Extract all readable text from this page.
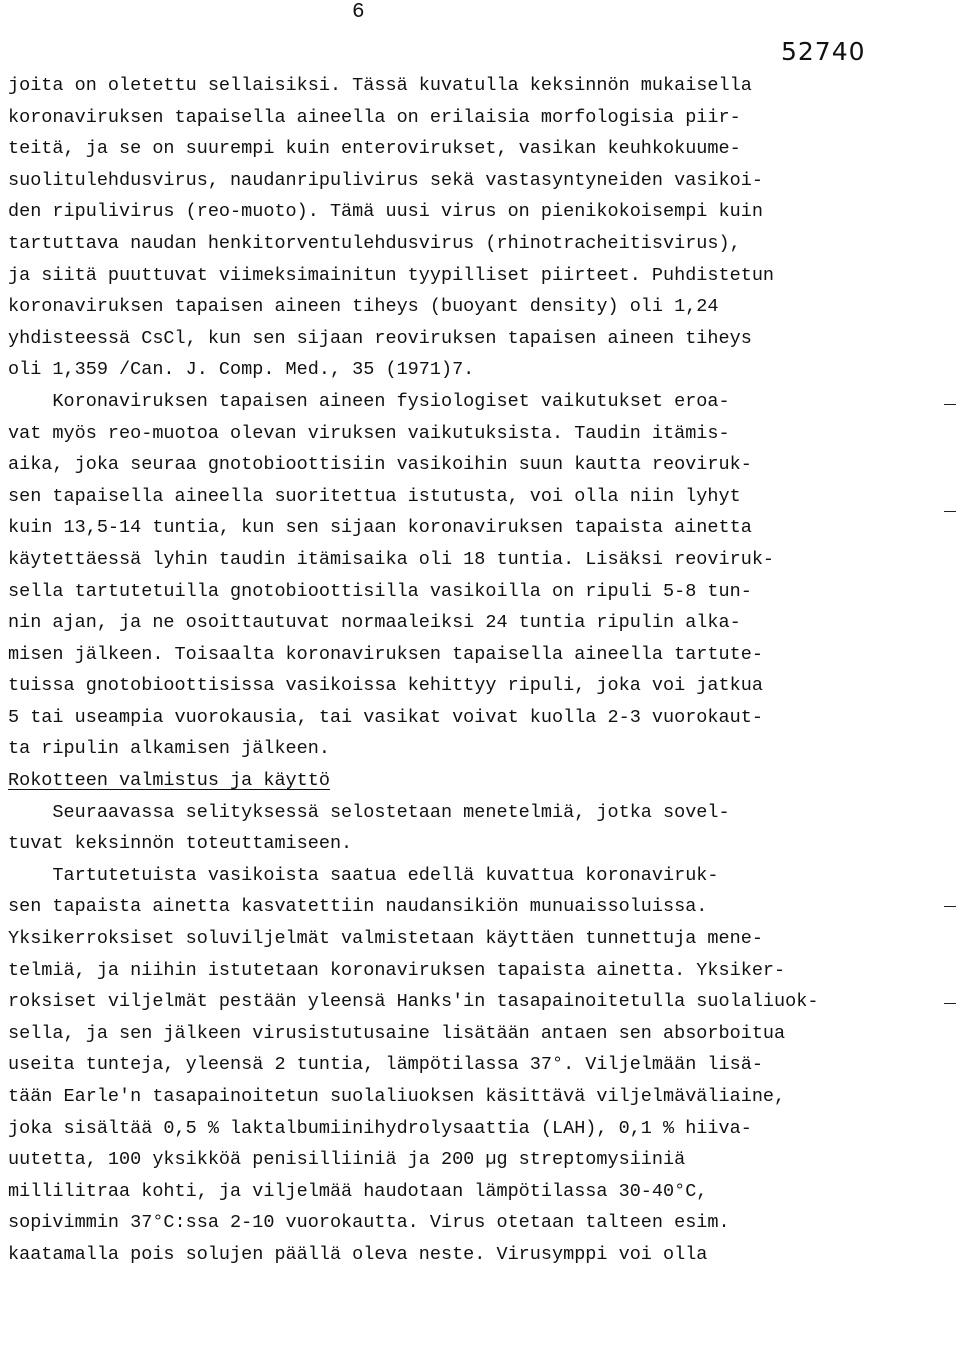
6
52740
joita on oletettu sellaisiksi. Tässä kuvatulla keksinnön mukaisella
koronaviruksen tapaisella aineella on erilaisia morfologisia piir-
teitä, ja se on suurempi kuin enterovirukset, vasikan keuhkokuume-
suolitulehdusvirus, naudanripulivirus sekä vastasyntyneiden vasikoi-
den ripulivirus (reo-muoto). Tämä uusi virus on pienikokoisempi kuin
tartuttava naudan henkitorventulehdusvirus (rhinotracheitisvirus),
ja siitä puuttuvat viimeksimainitun tyypilliset piirteet. Puhdistetun
koronaviruksen tapaisen aineen tiheys (buoyant density) oli 1,24
yhdisteessä CsCl, kun sen sijaan reoviruksen tapaisen aineen tiheys
oli 1,359 /Can. J. Comp. Med., 35 (1971)7.
Koronaviruksen tapaisen aineen fysiologiset vaikutukset eroa-
vat myös reo-muotoa olevan viruksen vaikutuksista. Taudin itämis-
aika, joka seuraa gnotobioottisiin vasikoihin suun kautta reoviruk-
sen tapaisella aineella suoritettua istutusta, voi olla niin lyhyt
kuin 13,5-14 tuntia, kun sen sijaan koronaviruksen tapaista ainetta
käytettäessä lyhin taudin itämisaika oli 18 tuntia. Lisäksi reoviruk-
sella tartutetuilla gnotobioottisilla vasikoilla on ripuli 5-8 tun-
nin ajan, ja ne osoittautuvat normaaleiksi 24 tuntia ripulin alka-
misen jälkeen. Toisaalta koronaviruksen tapaisella aineella tartute-
tuissa gnotobioottisissa vasikoissa kehittyy ripuli, joka voi jatkua
5 tai useampia vuorokausia, tai vasikat voivat kuolla 2-3 vuorokaut-
ta ripulin alkamisen jälkeen.
Rokotteen valmistus ja käyttö
Seuraavassa selityksessä selostetaan menetelmiä, jotka sovel-
tuvat keksinnön toteuttamiseen.
Tartutetuista vasikoista saatua edellä kuvattua koronaviruk-
sen tapaista ainetta kasvatettiin naudansikiön munuaissoluissa.
Yksikerroksiset soluviljelmät valmistetaan käyttäen tunnettuja mene-
telmiä, ja niihin istutetaan koronaviruksen tapaista ainetta. Yksiker-
roksiset viljelmät pestään yleensä Hanks'in tasapainoitetulla suolaliuok-
sella, ja sen jälkeen virusistutusaine lisätään antaen sen absorboitua
useita tunteja, yleensä 2 tuntia, lämpötilassa 37°. Viljelmään lisä-
tään Earle'n tasapainoitetun suolaliuoksen käsittävä viljelmäväliaine,
joka sisältää 0,5 % laktalbumiinihydrolysaattia (LAH), 0,1 % hiiva-
uutetta, 100 yksikköä penisilliiniä ja 200 µg streptomysiiniä
millilitraa kohti, ja viljelmää haudotaan lämpötilassa 30-40°C,
sopivimmin 37°C:ssa 2-10 vuorokautta. Virus otetaan talteen esim.
kaatamalla pois solujen päällä oleva neste. Virusymppi voi olla
